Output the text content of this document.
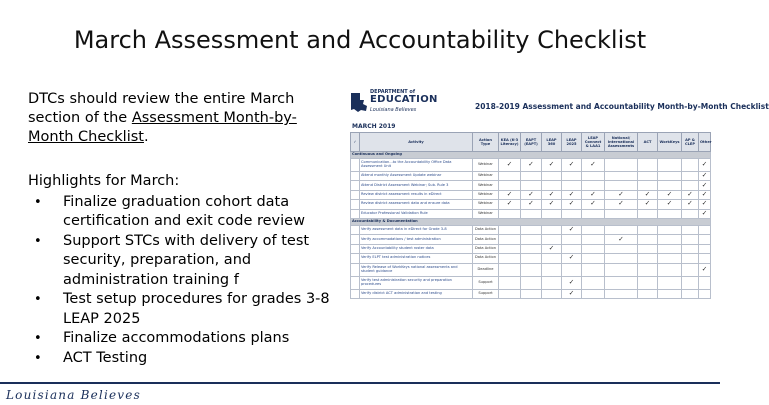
March Assessment and Accountability Checklist

DTCs should review the entire March section of the Assessment Month-by-Month Checklist.

Highlights for March:
• Finalize graduation cohort data certification and exit code review
• Support STCs with delivery of test security, preparation, and administration training f
• Test setup procedures for grades 3-8 LEAP 2025
• Finalize accommodations plans
• ACT Testing
DEPARTMENT of
EDUCATION
Louisiana Believes	2018-2019 Assessment and Accountability Month-by-Month Checklist
MARCH 2019
✓	Activity	Action Type	KEA (K-3 Literacy)	EAPT (EAPT)	LEAP 360	LEAP 2025	LEAP Connect & LAA1	National/ International Assessments	ACT	WorkKeys	AP & CLEP	Other
Continuous and Ongoing												
	Communication...to the Accountability Office Data Assessment Unit	Webinar	✓	✓	✓	✓	✓					✓
	Attend monthly Assessment Update webinar	Webinar										✓
	Attend District Assessment Webinar; Sub. Rule 3	Webinar										✓
	Review district assessment results in eDirect	Webinar	✓	✓	✓	✓	✓	✓	✓	✓	✓	✓
	Review district assessment data and ensure data	Webinar	✓	✓	✓	✓	✓	✓	✓	✓	✓	✓
	Educator Professional Validation Rule	Webinar										✓
Accountability & Documentation												
	Verify assessment data in eDirect for Grade 3-8	Data Action				✓						
	Verify accommodations / test administration	Data Action						✓				
	Verify Accountability student roster data	Data Action			✓							
	Verify ELPT test administration notices	Data Action				✓						
	Verify Release of WorkKeys national assessments and student guidance	Deadline										✓
	Verify test administration security and preparation procedures	Support				✓						
	Verify district ACT administration and testing	Support				✓						
Louisiana Believes
